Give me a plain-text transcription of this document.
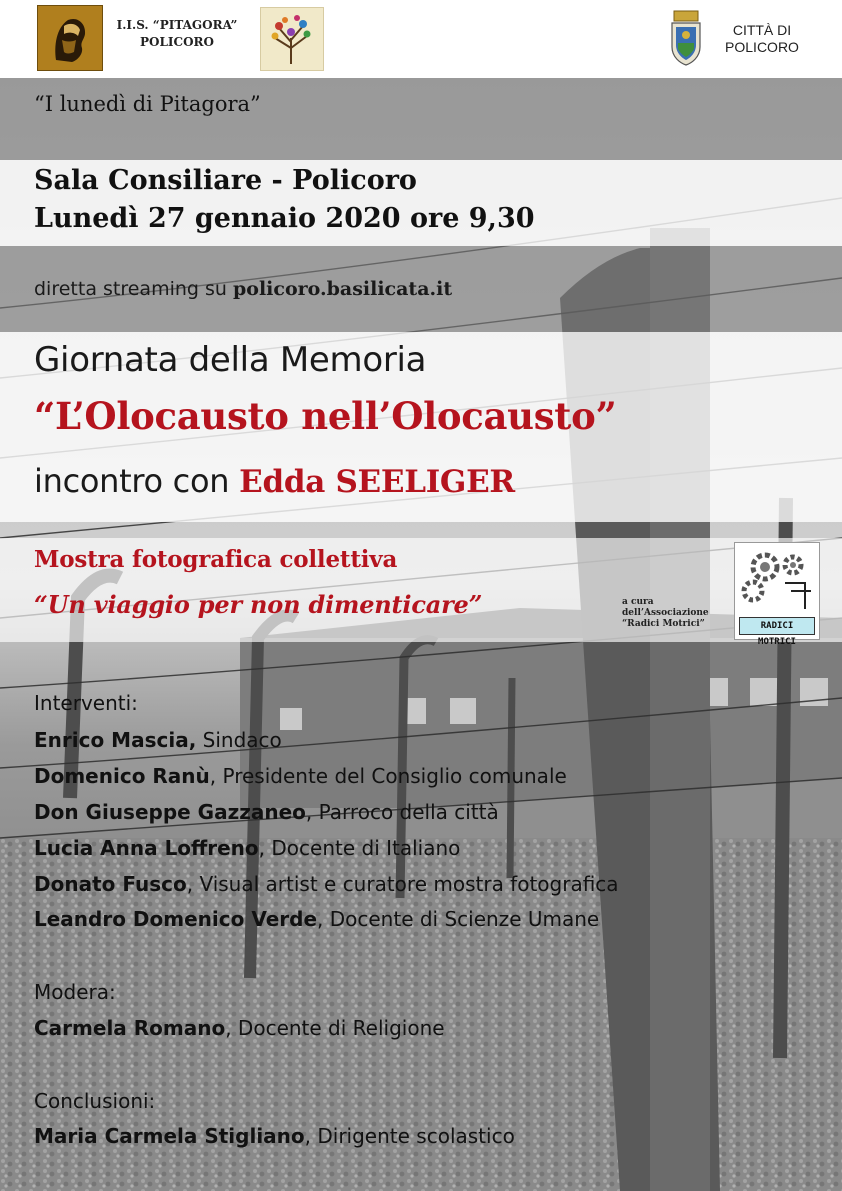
I.I.S. “PITAGORA”
POLICORO
CITTÀ DI
POLICORO
“I lunedì di Pitagora”
Sala Consiliare - Policoro
Lunedì 27 gennaio 2020 ore 9,30
diretta streaming su policoro.basilicata.it
Giornata della Memoria
“L’Olocausto nell’Olocausto”
incontro con Edda SEELIGER
Mostra fotografica collettiva
“Un viaggio per non dimenticare”	a cura
dell’Associazione
“Radici Motrici”	RADICI MOTRICI
Interventi:
Enrico Mascia, Sindaco
Domenico Ranù, Presidente del Consiglio comunale
Don Giuseppe Gazzaneo, Parroco della città
Lucia Anna Loffreno, Docente di Italiano
Donato Fusco, Visual artist e curatore mostra fotografica
Leandro Domenico Verde, Docente di Scienze Umane
Modera:
Carmela Romano, Docente di Religione
Conclusioni:
Maria Carmela Stigliano, Dirigente scolastico
